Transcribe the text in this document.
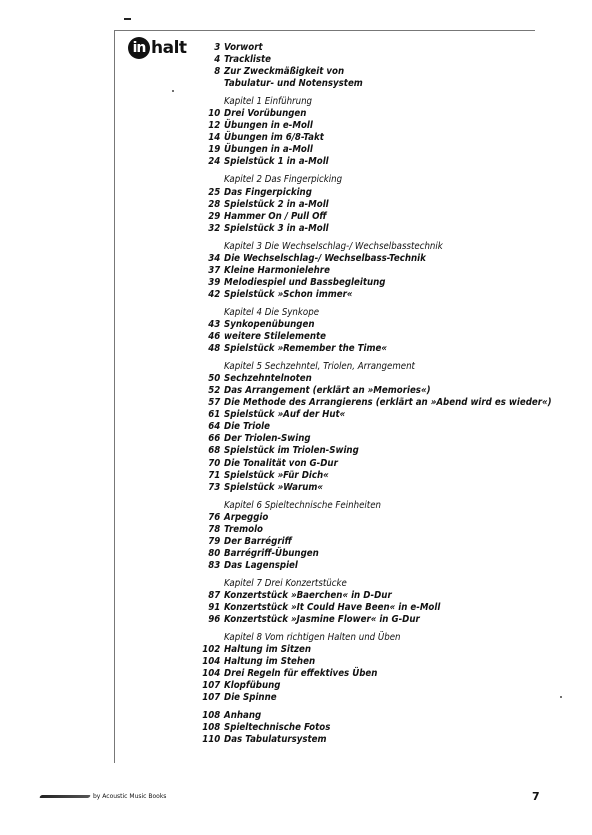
in halt	3 Vorwort
4 Trackliste
8 Zur Zweckmäßigkeit von
Tabulatur- und Notensystem
Kapitel 1 Einführung
10 Drei Vorübungen
12 Übungen in e-Moll
14 Übungen im 6/8-Takt
19 Übungen in a-Moll
24 Spielstück 1 in a-Moll
Kapitel 2 Das Fingerpicking
25 Das Fingerpicking
28 Spielstück 2 in a-Moll
29 Hammer On / Pull Off
32 Spielstück 3 in a-Moll
Kapitel 3 Die Wechselschlag-/ Wechselbasstechnik
34 Die Wechselschlag-/ Wechselbass-Technik
37 Kleine Harmonielehre
39 Melodiespiel und Bassbegleitung
42 Spielstück »Schon immer«
Kapitel 4 Die Synkope
43 Synkopenübungen
46 weitere Stilelemente
48 Spielstück »Remember the Time«
Kapitel 5 Sechzehntel, Triolen, Arrangement
50 Sechzehntelnoten
52 Das Arrangement (erklärt an »Memories«)
57 Die Methode des Arrangierens (erklärt an »Abend wird es wieder«)
61 Spielstück »Auf der Hut«
64 Die Triole
66 Der Triolen-Swing
68 Spielstück im Triolen-Swing
70 Die Tonalität von G-Dur
71 Spielstück »Für Dich«
73 Spielstück »Warum«
Kapitel 6 Spieltechnische Feinheiten
76 Arpeggio
78 Tremolo
79 Der Barrégriff
80 Barrégriff-Übungen
83 Das Lagenspiel
Kapitel 7 Drei Konzertstücke
87 Konzertstück »Baerchen« in D-Dur
91 Konzertstück »It Could Have Been« in e-Moll
96 Konzertstück »Jasmine Flower« in G-Dur
Kapitel 8 Vom richtigen Halten und Üben
102 Haltung im Sitzen
104 Haltung im Stehen
104 Drei Regeln für effektives Üben
107 Klopfübung
107 Die Spinne
108 Anhang
108 Spieltechnische Fotos
110 Das Tabulatursystem
by Acoustic Music Books	7
